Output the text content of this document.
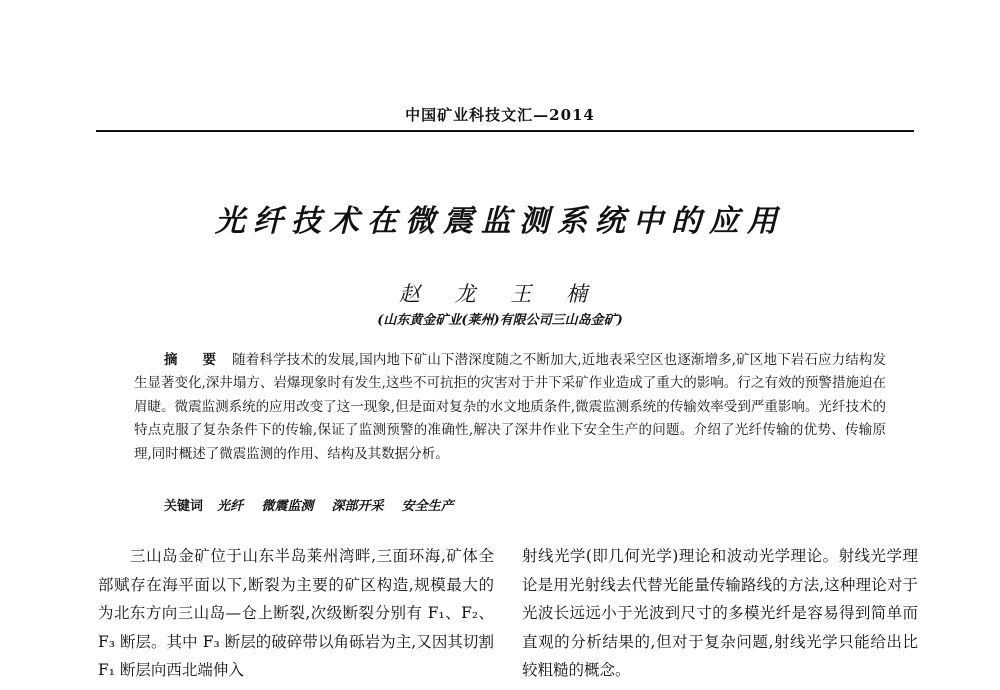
中国矿业科技文汇—2014
光纤技术在微震监测系统中的应用
赵 龙 王 楠
(山东黄金矿业(莱州)有限公司三山岛金矿)
摘 要 随着科学技术的发展,国内地下矿山下潜深度随之不断加大,近地表采空区也逐渐增多,矿区地下岩石应力结构发生显著变化,深井塌方、岩爆现象时有发生,这些不可抗拒的灾害对于井下采矿作业造成了重大的影响。行之有效的预警措施迫在眉睫。微震监测系统的应用改变了这一现象,但是面对复杂的水文地质条件,微震监测系统的传输效率受到严重影响。光纤技术的特点克服了复杂条件下的传输,保证了监测预警的准确性,解决了深井作业下安全生产的问题。介绍了光纤传输的优势、传输原理,同时概述了微震监测的作用、结构及其数据分析。
关键词 光纤 微震监测 深部开采 安全生产
三山岛金矿位于山东半岛莱州湾畔,三面环海,矿体全部赋存在海平面以下,断裂为主要的矿区构造,规模最大的为北东方向三山岛—仓上断裂,次级断裂分别有 F₁、F₂、F₃ 断层。其中 F₃ 断层的破碎带以角砾岩为主,又因其切割 F₁ 断层向西北端伸入
射线光学(即几何光学)理论和波动光学理论。射线光学理论是用光射线去代替光能量传输路线的方法,这种理论对于光波长远远小于光波到尺寸的多模光纤是容易得到简单而直观的分析结果的,但对于复杂问题,射线光学只能给出比较粗糙的概念。
